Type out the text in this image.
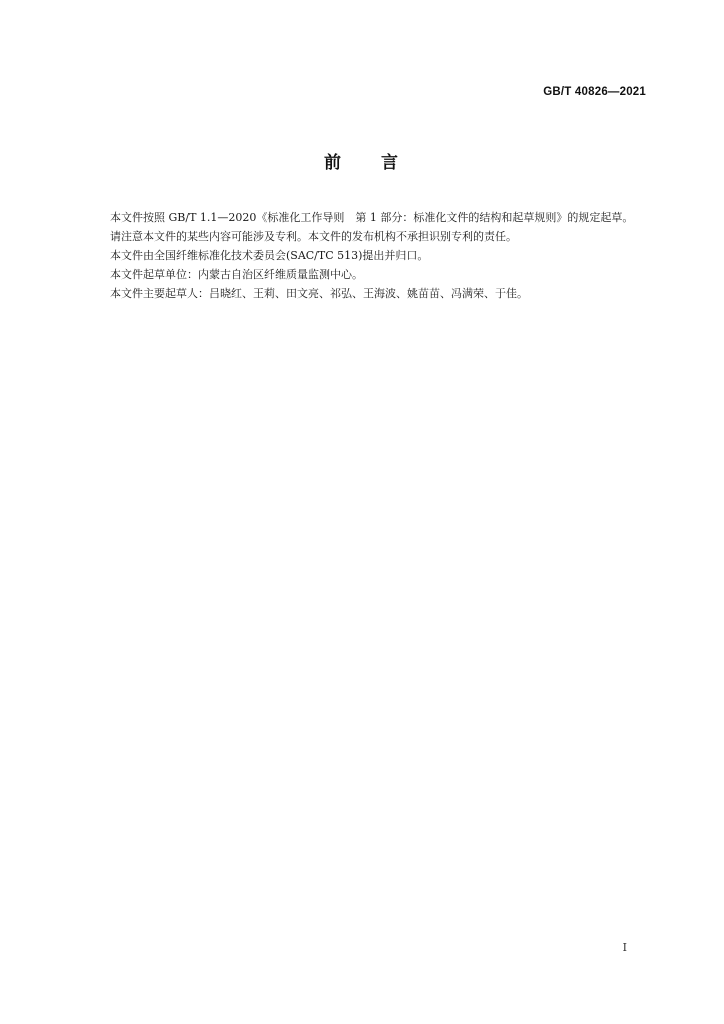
GB/T 40826—2021
前 言

本文件按照 GB/T 1.1—2020《标准化工作导则　第 1 部分：标准化文件的结构和起草规则》的规定起草。

请注意本文件的某些内容可能涉及专利。本文件的发布机构不承担识别专利的责任。

本文件由全国纤维标准化技术委员会(SAC/TC 513)提出并归口。

本文件起草单位：内蒙古自治区纤维质量监测中心。

本文件主要起草人：吕晓红、王莉、田文亮、祁弘、王海波、姚苗苗、冯满荣、于佳。

I
